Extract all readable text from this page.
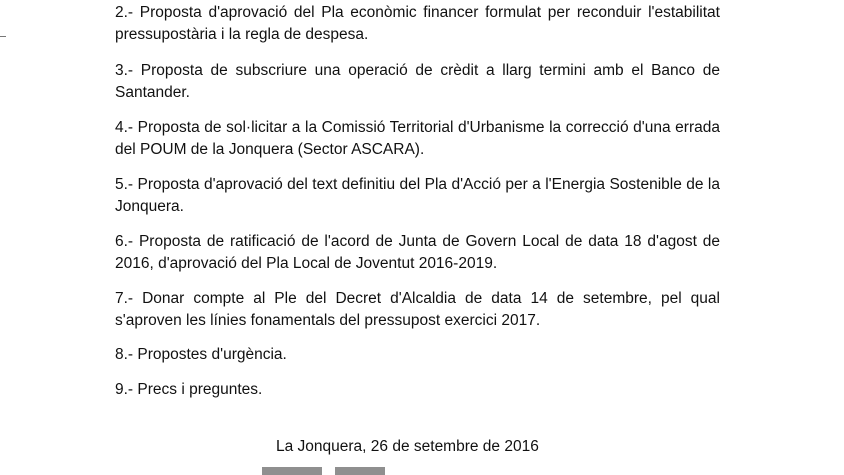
2.- Proposta d'aprovació del Pla econòmic financer formulat per reconduir l'estabilitat pressupostària i la regla de despesa.

3.- Proposta de subscriure una operació de crèdit a llarg termini amb el Banco de Santander.

4.- Proposta de sol·licitar a la Comissió Territorial d'Urbanisme la correcció d'una errada del POUM de la Jonquera (Sector ASCARA).

5.- Proposta d'aprovació del text definitiu del Pla d'Acció per a l'Energia Sostenible de la Jonquera.

6.- Proposta de ratificació de l'acord de Junta de Govern Local de data 18 d'agost de 2016, d'aprovació del Pla Local de Joventut 2016-2019.

7.- Donar compte al Ple del Decret d'Alcaldia de data 14 de setembre, pel qual s'aproven les línies fonamentals del pressupost exercici 2017.

8.- Propostes d'urgència.

9.- Precs i preguntes.

La Jonquera, 26 de setembre de 2016
